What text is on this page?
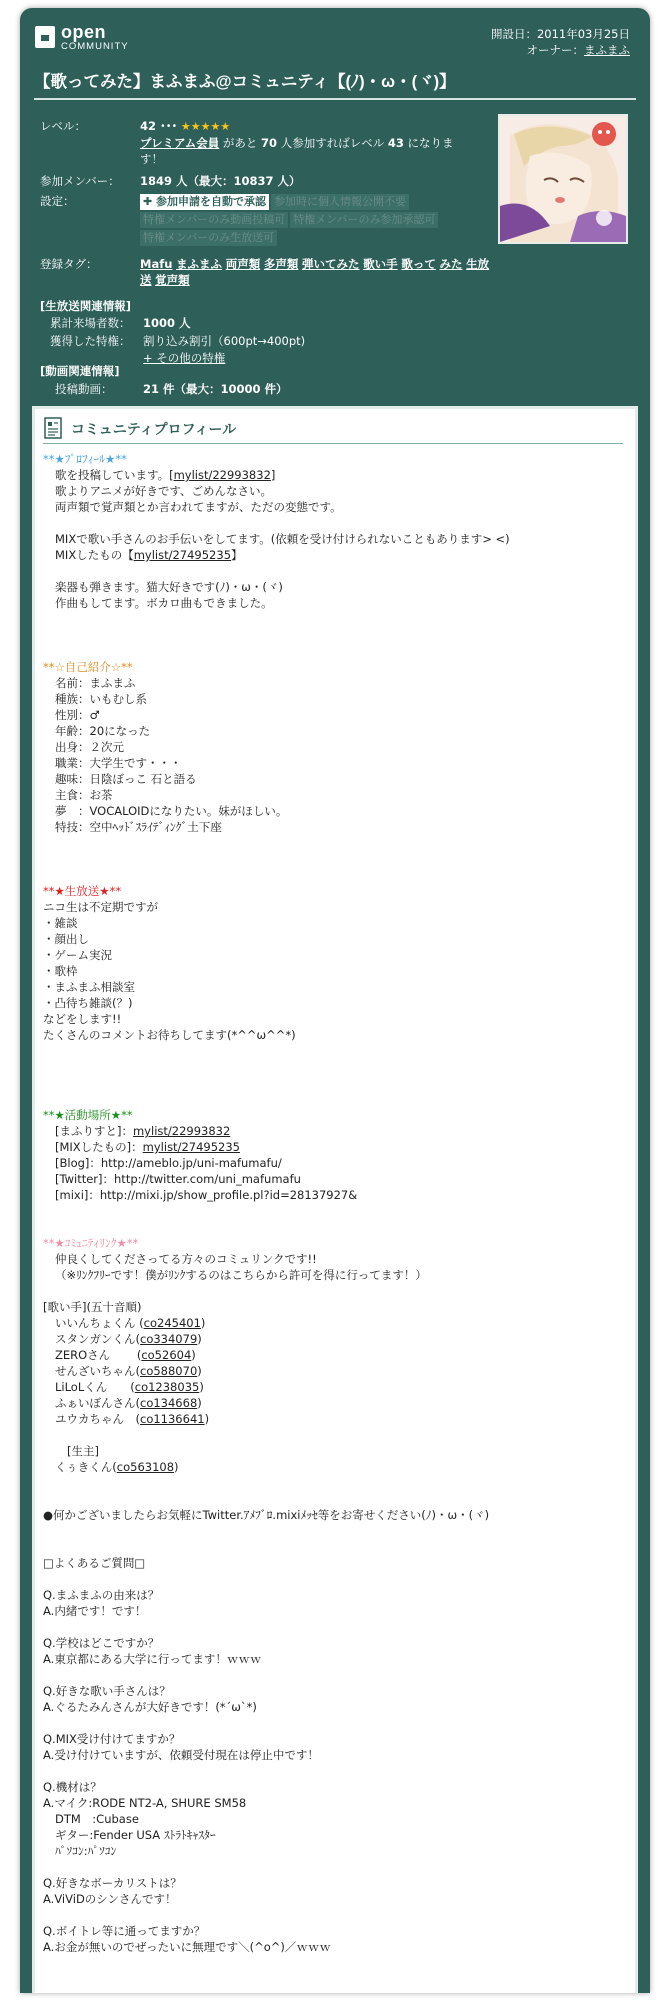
open
COMMUNITY
開設日：2011年03月25日
オーナー：まふまふ
【歌ってみた】まふまふ@コミュニティ【(ﾉ)・ω・(ヾ)】
レベル：	42 ･･･ ★★★★★
プレミアム会員 があと 70 人参加すればレベル 43 になりま
す！
参加メンバー：	1849 人（最大：10837 人）
設定：	✚ 参加申請を自動で承認 参加時に個人情報公開不要特権メンバーのみ動画投稿可 特権メンバーのみ参加承認可特権メンバーのみ生放送可
登録タグ：	Mafu まふまふ 両声類 多声類 弾いてみた 歌い手 歌って みた 生放送 覚声類
[生放送関連情報]
累計来場者数：	1000 人
獲得した特権：	割り込み割引（600pt→400pt)
+ その他の特権
[動画関連情報]
投稿動画：	21 件（最大：10000 件）
コミュニティプロフィール
**★ﾌﾟﾛﾌｨｰﾙ★**
歌を投稿しています。[mylist/22993832]
歌よりアニメが好きです、ごめんなさい。
両声類で覚声類とか言われてますが、ただの変態です。
MIXで歌い手さんのお手伝いをしてます。(依頼を受け付けられないこともあります> <)
MIXしたもの【mylist/27495235】
楽器も弾きます。猫大好きです(ﾉ)・ω・(ヾ)
作曲もしてます。ボカロ曲もできました。
**☆自己紹介☆**
名前：まふまふ
種族：いもむし系
性別：♂
年齢：20になった
出身：２次元
職業：大学生です・・・
趣味：日陰ぼっこ 石と語る
主食：お茶
夢　：VOCALOIDになりたい。妹がほしい。
特技：空中ﾍｯﾄﾞｽﾗｲﾃﾞｨﾝｸﾞ土下座
**★生放送★**
ニコ生は不定期ですが
・雑談
・顔出し
・ゲーム実況
・歌枠
・まふまふ相談室
・凸待ち雑談(？)
などをします!!
たくさんのコメントお待ちしてます(*^^ω^^*)
**★活動場所★**
[まふりすと]：mylist/22993832
[MIXしたもの]：mylist/27495235
[Blog]：http://ameblo.jp/uni-mafumafu/
[Twitter]：http://twitter.com/uni_mafumafu
[mixi]：http://mixi.jp/show_profile.pl?id=28137927&
**★ｺﾐｭﾆﾃｨﾘﾝｸ★**
仲良くしてくださってる方々のコミュリンクです!!
（※ﾘﾝｸﾌﾘｰです！僕がﾘﾝｸするのはこちらから許可を得に行ってます！）
[歌い手](五十音順)
いいんちょくん (co245401)
スタンガンくん(co334079)
ZEROさん　　 (co52604)
せんざいちゃん(co588070)
LiLoLくん　　(co1238035)
ふぁいぼんさん(co134668)
ユウカちゃん　(co1136641)
[生主]
くぅきくん(co563108)
●何かございましたらお気軽にTwitter.ｱﾒﾌﾞﾛ.mixiﾒｯｾ等をお寄せください(ﾉ)・ω・(ヾ)
□よくあるご質問□
Q.まふまふの由来は？
A.内緒です！です！
Q.学校はどこですか？
A.東京都にある大学に行ってます！ｗｗｗ
Q.好きな歌い手さんは？
A.ぐるたみんさんが大好きです！(*´ω`*)
Q.MIX受け付けてますか？
A.受け付けていますが、依頼受付現在は停止中です！
Q.機材は？
A.マイク:RODE NT2-A, SHURE SM58
DTM　:Cubase
ギター:Fender USA ｽﾄﾗﾄｷｬｽﾀｰ
ﾊﾟｿｺﾝ:ﾊﾟｿｺﾝ
Q.好きなボーカリストは？
A.ViViDのシンさんです！
Q.ボイトレ等に通ってますか？
A.お金が無いのでぜったいに無理です＼(^o^)／ｗｗｗ
